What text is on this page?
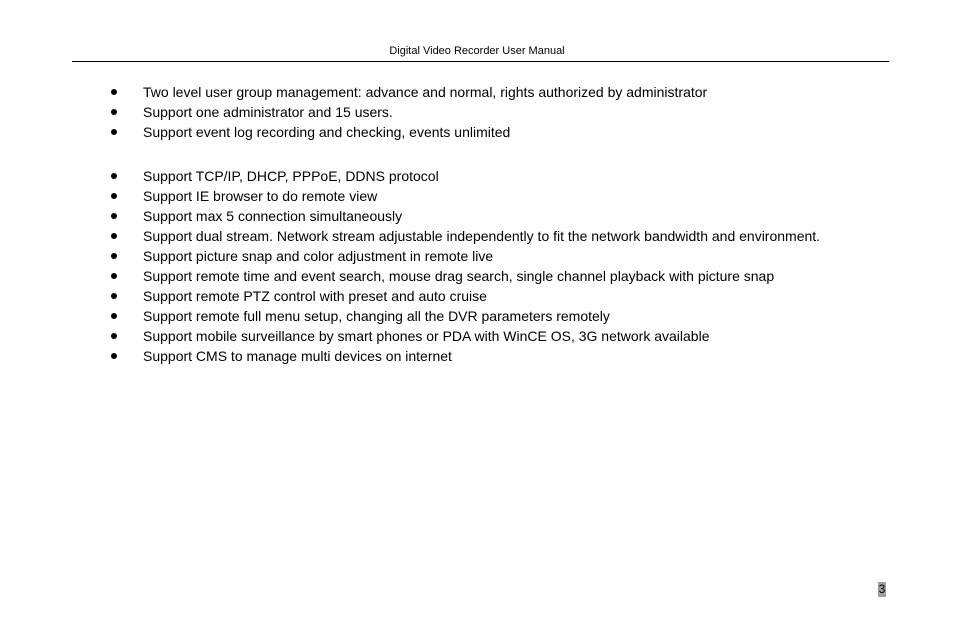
Digital Video Recorder User Manual
Two level user group management: advance and normal, rights authorized by administrator
Support one administrator and 15 users.
Support event log recording and checking, events unlimited
Support TCP/IP, DHCP, PPPoE, DDNS protocol
Support IE browser to do remote view
Support max 5 connection simultaneously
Support dual stream. Network stream adjustable independently to fit the network bandwidth and environment.
Support picture snap and color adjustment in remote live
Support remote time and event search, mouse drag search, single channel playback with picture snap
Support remote PTZ control with preset and auto cruise
Support remote full menu setup, changing all the DVR parameters remotely
Support mobile surveillance by smart phones or PDA with WinCE OS, 3G network available
Support CMS to manage multi devices on internet
3
